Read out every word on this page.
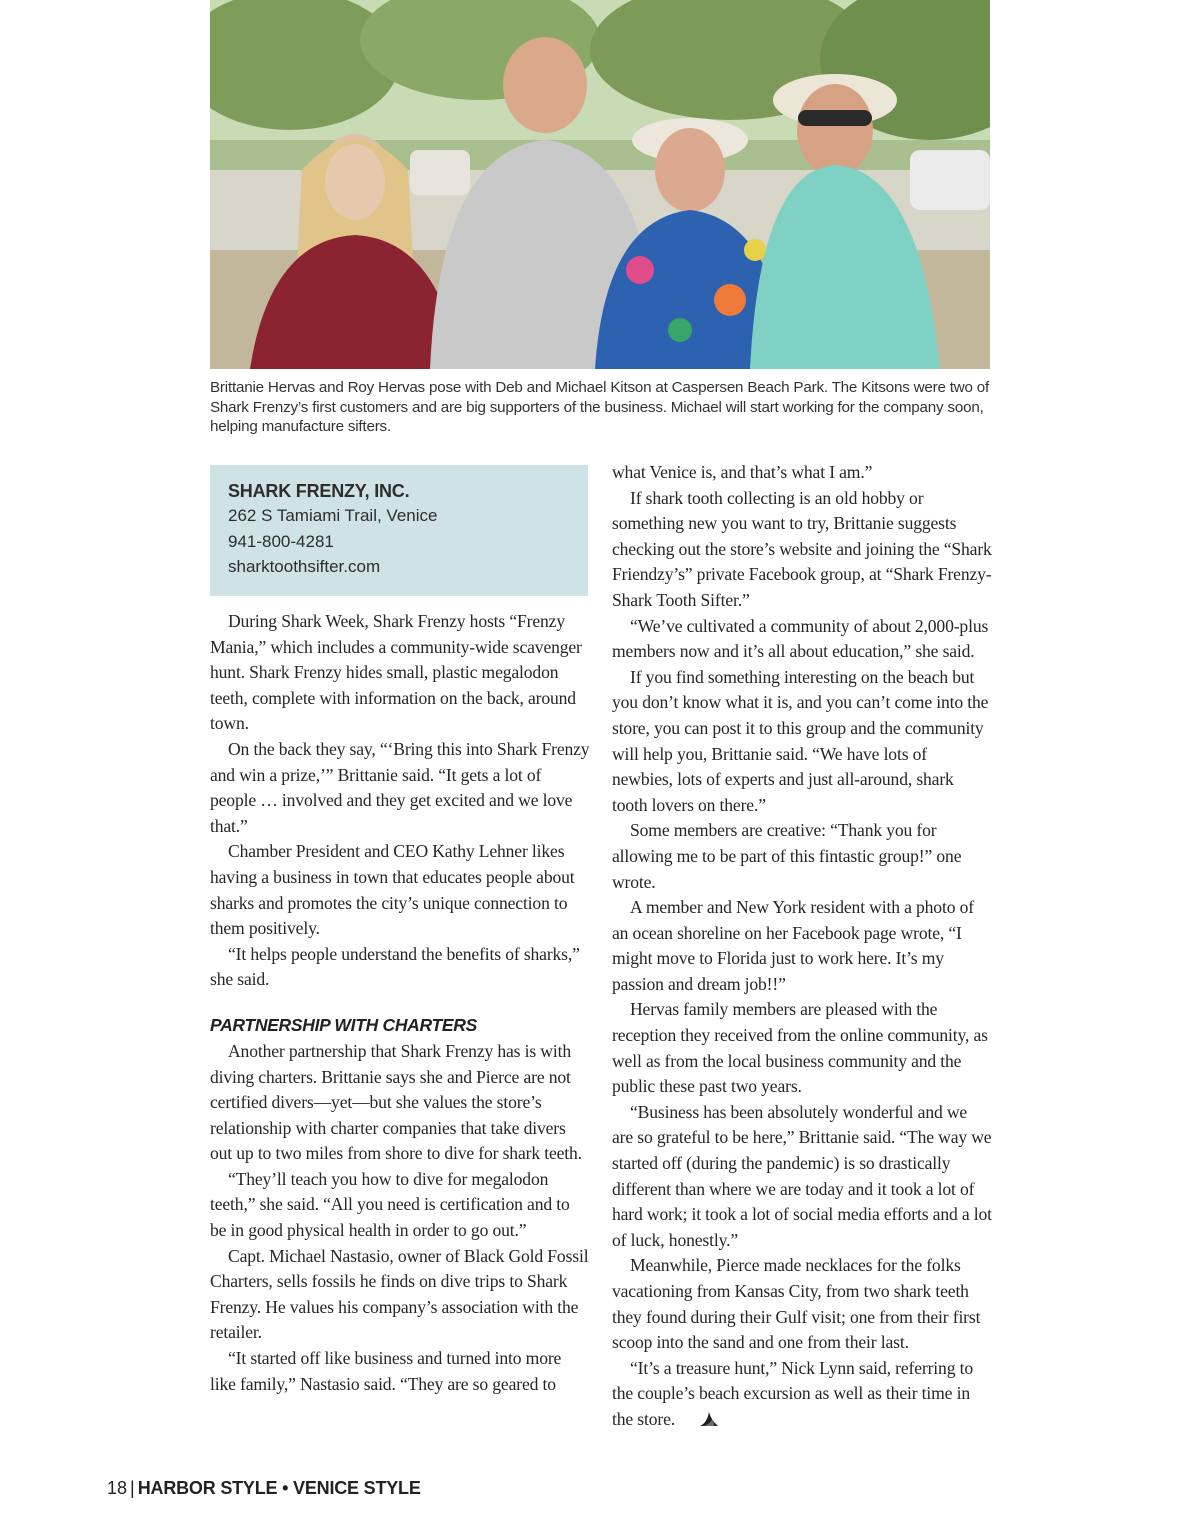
Brittanie Hervas and Roy Hervas pose with Deb and Michael Kitson at Caspersen Beach Park. The Kitsons were two of Shark Frenzy’s first customers and are big supporters of the business. Michael will start working for the company soon, helping manufacture sifters.
SHARK FRENZY, INC.
262 S Tamiami Trail, Venice
941-800-4281
sharktoothsifter.com

During Shark Week, Shark Frenzy hosts “Frenzy Mania,” which includes a community-wide scavenger hunt. Shark Frenzy hides small, plastic megalodon teeth, complete with information on the back, around town.

On the back they say, “‘Bring this into Shark Frenzy and win a prize,’” Brittanie said. “It gets a lot of people … involved and they get excited and we love that.”

Chamber President and CEO Kathy Lehner likes having a business in town that educates people about sharks and promotes the city’s unique connection to them positively.

“It helps people understand the benefits of sharks,” she said.

PARTNERSHIP WITH CHARTERS

Another partnership that Shark Frenzy has is with diving charters. Brittanie says she and Pierce are not certified divers—yet—but she values the store’s relationship with charter companies that take divers out up to two miles from shore to dive for shark teeth.

“They’ll teach you how to dive for megalodon teeth,” she said. “All you need is certification and to be in good physical health in order to go out.”

Capt. Michael Nastasio, owner of Black Gold Fossil Charters, sells fossils he finds on dive trips to Shark Frenzy. He values his company’s association with the retailer.

“It started off like business and turned into more like family,” Nastasio said. “They are so geared to

what Venice is, and that’s what I am.”

If shark tooth collecting is an old hobby or something new you want to try, Brittanie suggests checking out the store’s website and joining the “Shark Friendzy’s” private Facebook group, at “Shark Frenzy-Shark Tooth Sifter.”

“We’ve cultivated a community of about 2,000-plus members now and it’s all about education,” she said.

If you find something interesting on the beach but you don’t know what it is, and you can’t come into the store, you can post it to this group and the community will help you, Brittanie said. “We have lots of newbies, lots of experts and just all-around, shark tooth lovers on there.”

Some members are creative: “Thank you for allowing me to be part of this fintastic group!” one wrote.

A member and New York resident with a photo of an ocean shoreline on her Facebook page wrote, “I might move to Florida just to work here. It’s my passion and dream job!!”

Hervas family members are pleased with the reception they received from the online community, as well as from the local business community and the public these past two years.

“Business has been absolutely wonderful and we are so grateful to be here,” Brittanie said. “The way we started off (during the pandemic) is so drastically different than where we are today and it took a lot of hard work; it took a lot of social media efforts and a lot of luck, honestly.”

Meanwhile, Pierce made necklaces for the folks vacationing from Kansas City, from two shark teeth they found during their Gulf visit; one from their first scoop into the sand and one from their last.

“It’s a treasure hunt,” Nick Lynn said, referring to the couple’s beach excursion as well as their time in the store.

18 | HARBOR STYLE • VENICE STYLE
